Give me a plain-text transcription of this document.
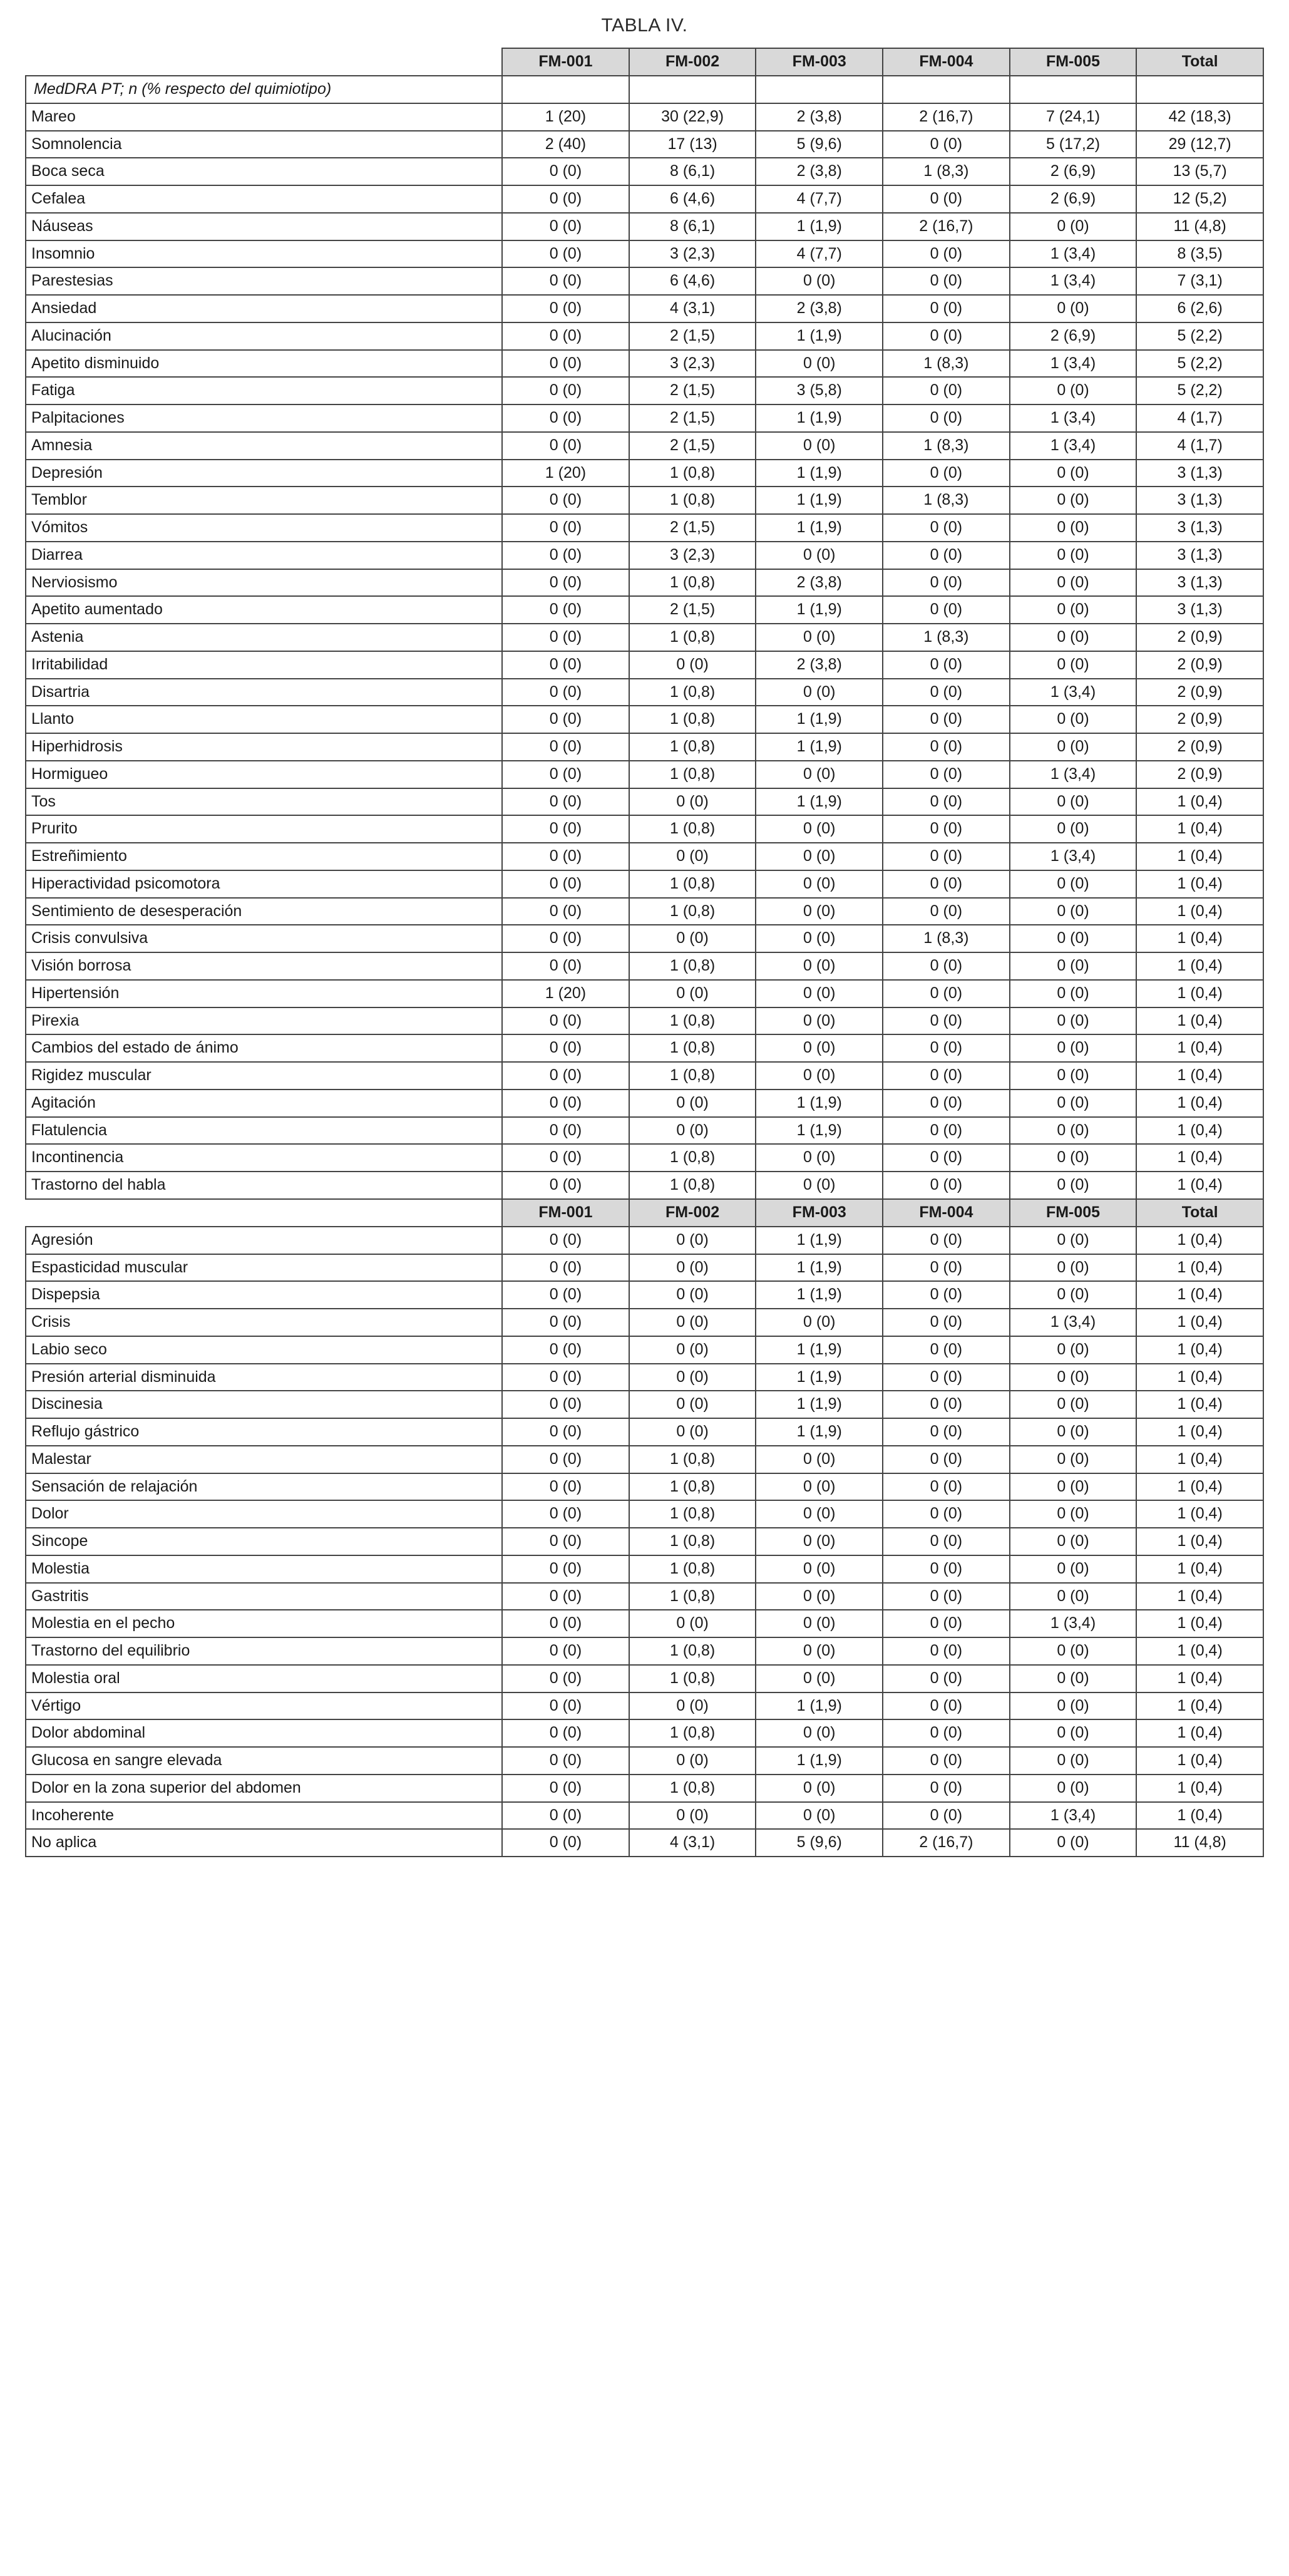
TABLA IV.
	FM-001	FM-002	FM-003	FM-004	FM-005	Total
MedDRA PT; n (% respecto del quimiotipo)						
Mareo	1 (20)	30 (22,9)	2 (3,8)	2 (16,7)	7 (24,1)	42 (18,3)
Somnolencia	2 (40)	17 (13)	5 (9,6)	0 (0)	5 (17,2)	29 (12,7)
Boca seca	0 (0)	8 (6,1)	2 (3,8)	1 (8,3)	2 (6,9)	13 (5,7)
Cefalea	0 (0)	6 (4,6)	4 (7,7)	0 (0)	2 (6,9)	12 (5,2)
Náuseas	0 (0)	8 (6,1)	1 (1,9)	2 (16,7)	0 (0)	11 (4,8)
Insomnio	0 (0)	3 (2,3)	4 (7,7)	0 (0)	1 (3,4)	8 (3,5)
Parestesias	0 (0)	6 (4,6)	0 (0)	0 (0)	1 (3,4)	7 (3,1)
Ansiedad	0 (0)	4 (3,1)	2 (3,8)	0 (0)	0 (0)	6 (2,6)
Alucinación	0 (0)	2 (1,5)	1 (1,9)	0 (0)	2 (6,9)	5 (2,2)
Apetito disminuido	0 (0)	3 (2,3)	0 (0)	1 (8,3)	1 (3,4)	5 (2,2)
Fatiga	0 (0)	2 (1,5)	3 (5,8)	0 (0)	0 (0)	5 (2,2)
Palpitaciones	0 (0)	2 (1,5)	1 (1,9)	0 (0)	1 (3,4)	4 (1,7)
Amnesia	0 (0)	2 (1,5)	0 (0)	1 (8,3)	1 (3,4)	4 (1,7)
Depresión	1 (20)	1 (0,8)	1 (1,9)	0 (0)	0 (0)	3 (1,3)
Temblor	0 (0)	1 (0,8)	1 (1,9)	1 (8,3)	0 (0)	3 (1,3)
Vómitos	0 (0)	2 (1,5)	1 (1,9)	0 (0)	0 (0)	3 (1,3)
Diarrea	0 (0)	3 (2,3)	0 (0)	0 (0)	0 (0)	3 (1,3)
Nerviosismo	0 (0)	1 (0,8)	2 (3,8)	0 (0)	0 (0)	3 (1,3)
Apetito aumentado	0 (0)	2 (1,5)	1 (1,9)	0 (0)	0 (0)	3 (1,3)
Astenia	0 (0)	1 (0,8)	0 (0)	1 (8,3)	0 (0)	2 (0,9)
Irritabilidad	0 (0)	0 (0)	2 (3,8)	0 (0)	0 (0)	2 (0,9)
Disartria	0 (0)	1 (0,8)	0 (0)	0 (0)	1 (3,4)	2 (0,9)
Llanto	0 (0)	1 (0,8)	1 (1,9)	0 (0)	0 (0)	2 (0,9)
Hiperhidrosis	0 (0)	1 (0,8)	1 (1,9)	0 (0)	0 (0)	2 (0,9)
Hormigueo	0 (0)	1 (0,8)	0 (0)	0 (0)	1 (3,4)	2 (0,9)
Tos	0 (0)	0 (0)	1 (1,9)	0 (0)	0 (0)	1 (0,4)
Prurito	0 (0)	1 (0,8)	0 (0)	0 (0)	0 (0)	1 (0,4)
Estreñimiento	0 (0)	0 (0)	0 (0)	0 (0)	1 (3,4)	1 (0,4)
Hiperactividad psicomotora	0 (0)	1 (0,8)	0 (0)	0 (0)	0 (0)	1 (0,4)
Sentimiento de desesperación	0 (0)	1 (0,8)	0 (0)	0 (0)	0 (0)	1 (0,4)
Crisis convulsiva	0 (0)	0 (0)	0 (0)	1 (8,3)	0 (0)	1 (0,4)
Visión borrosa	0 (0)	1 (0,8)	0 (0)	0 (0)	0 (0)	1 (0,4)
Hipertensión	1 (20)	0 (0)	0 (0)	0 (0)	0 (0)	1 (0,4)
Pirexia	0 (0)	1 (0,8)	0 (0)	0 (0)	0 (0)	1 (0,4)
Cambios del estado de ánimo	0 (0)	1 (0,8)	0 (0)	0 (0)	0 (0)	1 (0,4)
Rigidez muscular	0 (0)	1 (0,8)	0 (0)	0 (0)	0 (0)	1 (0,4)
Agitación	0 (0)	0 (0)	1 (1,9)	0 (0)	0 (0)	1 (0,4)
Flatulencia	0 (0)	0 (0)	1 (1,9)	0 (0)	0 (0)	1 (0,4)
Incontinencia	0 (0)	1 (0,8)	0 (0)	0 (0)	0 (0)	1 (0,4)
Trastorno del habla	0 (0)	1 (0,8)	0 (0)	0 (0)	0 (0)	1 (0,4)
	FM-001	FM-002	FM-003	FM-004	FM-005	Total
Agresión	0 (0)	0 (0)	1 (1,9)	0 (0)	0 (0)	1 (0,4)
Espasticidad muscular	0 (0)	0 (0)	1 (1,9)	0 (0)	0 (0)	1 (0,4)
Dispepsia	0 (0)	0 (0)	1 (1,9)	0 (0)	0 (0)	1 (0,4)
Crisis	0 (0)	0 (0)	0 (0)	0 (0)	1 (3,4)	1 (0,4)
Labio seco	0 (0)	0 (0)	1 (1,9)	0 (0)	0 (0)	1 (0,4)
Presión arterial disminuida	0 (0)	0 (0)	1 (1,9)	0 (0)	0 (0)	1 (0,4)
Discinesia	0 (0)	0 (0)	1 (1,9)	0 (0)	0 (0)	1 (0,4)
Reflujo gástrico	0 (0)	0 (0)	1 (1,9)	0 (0)	0 (0)	1 (0,4)
Malestar	0 (0)	1 (0,8)	0 (0)	0 (0)	0 (0)	1 (0,4)
Sensación de relajación	0 (0)	1 (0,8)	0 (0)	0 (0)	0 (0)	1 (0,4)
Dolor	0 (0)	1 (0,8)	0 (0)	0 (0)	0 (0)	1 (0,4)
Sincope	0 (0)	1 (0,8)	0 (0)	0 (0)	0 (0)	1 (0,4)
Molestia	0 (0)	1 (0,8)	0 (0)	0 (0)	0 (0)	1 (0,4)
Gastritis	0 (0)	1 (0,8)	0 (0)	0 (0)	0 (0)	1 (0,4)
Molestia en el pecho	0 (0)	0 (0)	0 (0)	0 (0)	1 (3,4)	1 (0,4)
Trastorno del equilibrio	0 (0)	1 (0,8)	0 (0)	0 (0)	0 (0)	1 (0,4)
Molestia oral	0 (0)	1 (0,8)	0 (0)	0 (0)	0 (0)	1 (0,4)
Vértigo	0 (0)	0 (0)	1 (1,9)	0 (0)	0 (0)	1 (0,4)
Dolor abdominal	0 (0)	1 (0,8)	0 (0)	0 (0)	0 (0)	1 (0,4)
Glucosa en sangre elevada	0 (0)	0 (0)	1 (1,9)	0 (0)	0 (0)	1 (0,4)
Dolor en la zona superior del abdomen	0 (0)	1 (0,8)	0 (0)	0 (0)	0 (0)	1 (0,4)
Incoherente	0 (0)	0 (0)	0 (0)	0 (0)	1 (3,4)	1 (0,4)
No aplica	0 (0)	4 (3,1)	5 (9,6)	2 (16,7)	0 (0)	11 (4,8)
